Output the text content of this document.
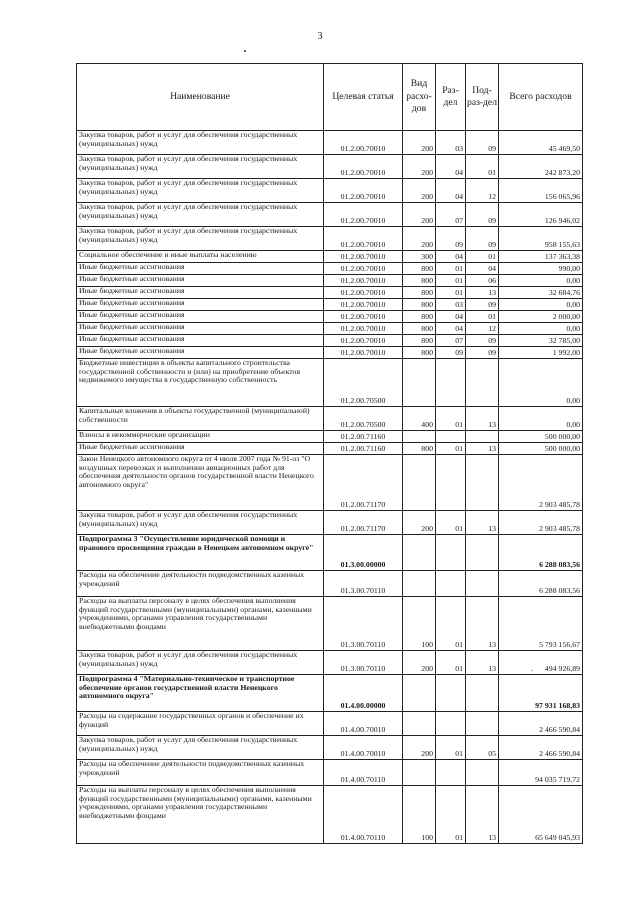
3
Наименование	Целевая статья	Вид расхо-дов	Раз-дел	Под-раз-дел	Всего расходов
Закупка товаров, работ и услуг для обеспечения государственных (муниципальных) нужд	01.2.00.70010	200	03	09	45 469,50
Закупка товаров, работ и услуг для обеспечения государственных (муниципальных) нужд	01.2.00.70010	200	04	01	242 873,20
Закупка товаров, работ и услуг для обеспечения государственных (муниципальных) нужд	01.2.00.70010	200	04	12	156 065,96
Закупка товаров, работ и услуг для обеспечения государственных (муниципальных) нужд	01.2.00.70010	200	07	09	126 946,02
Закупка товаров, работ и услуг для обеспечения государственных (муниципальных) нужд	01.2.00.70010	200	09	09	958 155,63
Социальное обеспечение и иные выплаты населению	01.2.00.70010	300	04	01	137 363,38
Иные бюджетные ассигнования	01.2.00.70010	800	01	04	990,00
Иные бюджетные ассигнования	01.2.00.70010	800	01	06	0,00
Иные бюджетные ассигнования	01.2.00.70010	800	01	13	32 684,76
Иные бюджетные ассигнования	01.2.00.70010	800	03	09	0,00
Иные бюджетные ассигнования	01.2.00.70010	800	04	01	2 000,00
Иные бюджетные ассигнования	01.2.00.70010	800	04	12	0,00
Иные бюджетные ассигнования	01.2.00.70010	800	07	09	32 785,00
Иные бюджетные ассигнования	01.2.00.70010	800	09	09	1 992,00
Бюджетные инвестиции в объекты капитального строительства государственной собственности и (или) на приобретение объектов недвижимого имущества в государственную собственность	01.2.00.70500				0,00
Капитальные вложения в объекты государственной (муниципальной) собственности	01.2.00.70500	400	01	13	0,00
Взносы в некоммерческие организации	01.2.00.71160				500 000,00
Иные бюджетные ассигнования	01.2.00.71160	800	01	13	500 000,00
Закон Ненецкого автономного округа от 4 июля 2007 года № 91-оз "О воздушных перевозках и выполнении авиационных работ для обеспечения деятельности органов государственной власти Ненецкого автономного округа"	01.2.00.71170				2 903 485,78
Закупка товаров, работ и услуг для обеспечения государственных (муниципальных) нужд	01.2.00.71170	200	01	13	2 903 485,78
Подпрограмма 3 "Осуществление юридической помощи и правового просвещения граждан в Ненецком автономном округе"	01.3.00.00000				6 288 083,56
Расходы на обеспечение деятельности подведомственных казенных учреждений	01.3.00.70110				6 288 083,56
Расходы на выплаты персоналу в целях обеспечения выполнения функций государственными (муниципальными) органами, казенными учреждениями, органами управления государственными внебюджетными фондами	01.3.00.70110	100	01	13	5 793 156,67
Закупка товаров, работ и услуг для обеспечения государственных (муниципальных) нужд	01.3.00.70110	200	01	13	. 494 926,89
Подпрограмма 4 "Материально-техническое и транспортное обеспечение органов государственной власти Ненецкого автономного округа"	01.4.00.00000				97 931 168,83
Расходы на содержание государственных органов и обеспечение их функций	01.4.00.70010				2 466 590,84
Закупка товаров, работ и услуг для обеспечения государственных (муниципальных) нужд	01.4.00.70010	200	01	05	2 466 590,84
Расходы на обеспечение деятельности подведомственных казенных учреждений	01.4.00.70110				94 035 719,72
Расходы на выплаты персоналу в целях обеспечения выполнения функций государственными (муниципальными) органами, казенными учреждениями, органами управления государственными внебюджетными фондами	01.4.00.70110	100	01	13	65 649 045,93
